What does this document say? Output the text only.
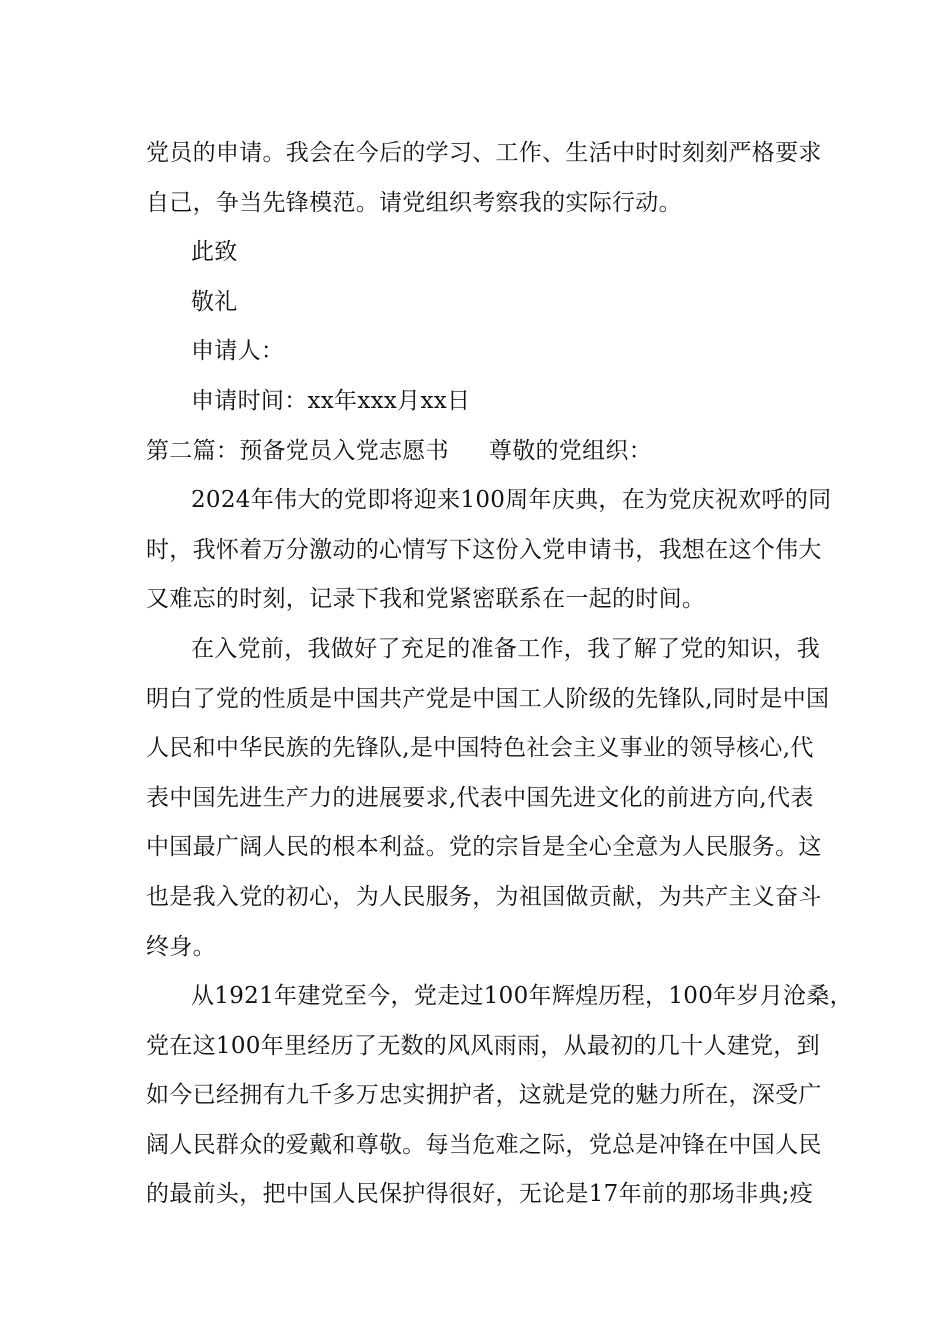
党员的申请。我会在今后的学习、工作、生活中时时刻刻严格要求
自己，争当先锋模范。请党组织考察我的实际行动。
此致
敬礼
申请人：
申请时间：xx年xxx月xx日
第二篇：预备党员入党志愿书 尊敬的党组织：
2024年伟大的党即将迎来100周年庆典，在为党庆祝欢呼的同
时，我怀着万分激动的心情写下这份入党申请书，我想在这个伟大
又难忘的时刻，记录下我和党紧密联系在一起的时间。
在入党前，我做好了充足的准备工作，我了解了党的知识，我
明白了党的性质是中国共产党是中国工人阶级的先锋队,同时是中国
人民和中华民族的先锋队,是中国特色社会主义事业的领导核心,代
表中国先进生产力的进展要求,代表中国先进文化的前进方向,代表
中国最广阔人民的根本利益。党的宗旨是全心全意为人民服务。这
也是我入党的初心，为人民服务，为祖国做贡献，为共产主义奋斗
终身。
从1921年建党至今，党走过100年辉煌历程，100年岁月沧桑，
党在这100年里经历了无数的风风雨雨，从最初的几十人建党，到
如今已经拥有九千多万忠实拥护者，这就是党的魅力所在，深受广
阔人民群众的爱戴和尊敬。每当危难之际，党总是冲锋在中国人民
的最前头，把中国人民保护得很好，无论是17年前的那场非典;疫
